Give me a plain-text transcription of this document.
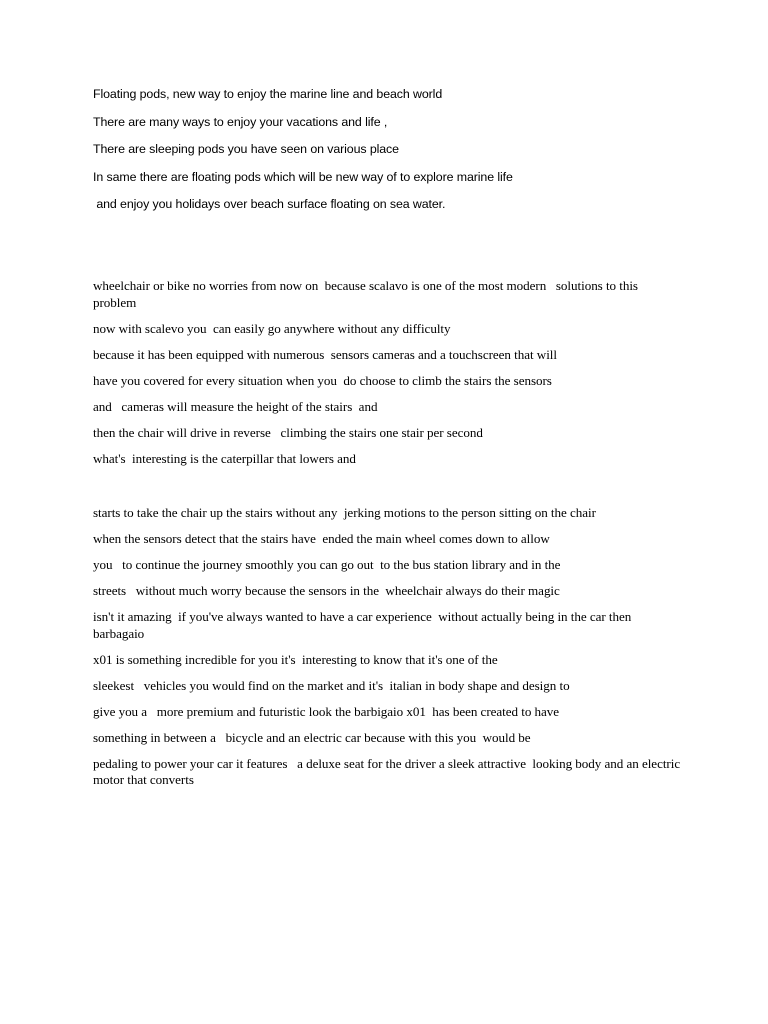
Floating pods, new way to enjoy the marine line and beach world

There are many ways to enjoy your vacations and life ,

There are sleeping pods you have seen on various place

In same there are floating pods which will be new way of to explore marine life

and enjoy you holidays over beach surface floating on sea water.

wheelchair or bike no worries from now on  because scalavo is one of the most modern   solutions to this problem

now with scalevo you  can easily go anywhere without any difficulty

because it has been equipped with numerous  sensors cameras and a touchscreen that will

have you covered for every situation when you  do choose to climb the stairs the sensors

and   cameras will measure the height of the stairs  and

then the chair will drive in reverse   climbing the stairs one stair per second

what's  interesting is the caterpillar that lowers and

starts to take the chair up the stairs without any  jerking motions to the person sitting on the chair

when the sensors detect that the stairs have  ended the main wheel comes down to allow

you   to continue the journey smoothly you can go out  to the bus station library and in the

streets   without much worry because the sensors in the  wheelchair always do their magic

isn't it amazing  if you've always wanted to have a car experience  without actually being in the car then barbagaio

x01 is something incredible for you it's  interesting to know that it's one of the

sleekest   vehicles you would find on the market and it's  italian in body shape and design to

give you a   more premium and futuristic look the barbigaio x01  has been created to have

something in between a   bicycle and an electric car because with this you  would be

pedaling to power your car it features   a deluxe seat for the driver a sleek attractive  looking body and an electric motor that converts
